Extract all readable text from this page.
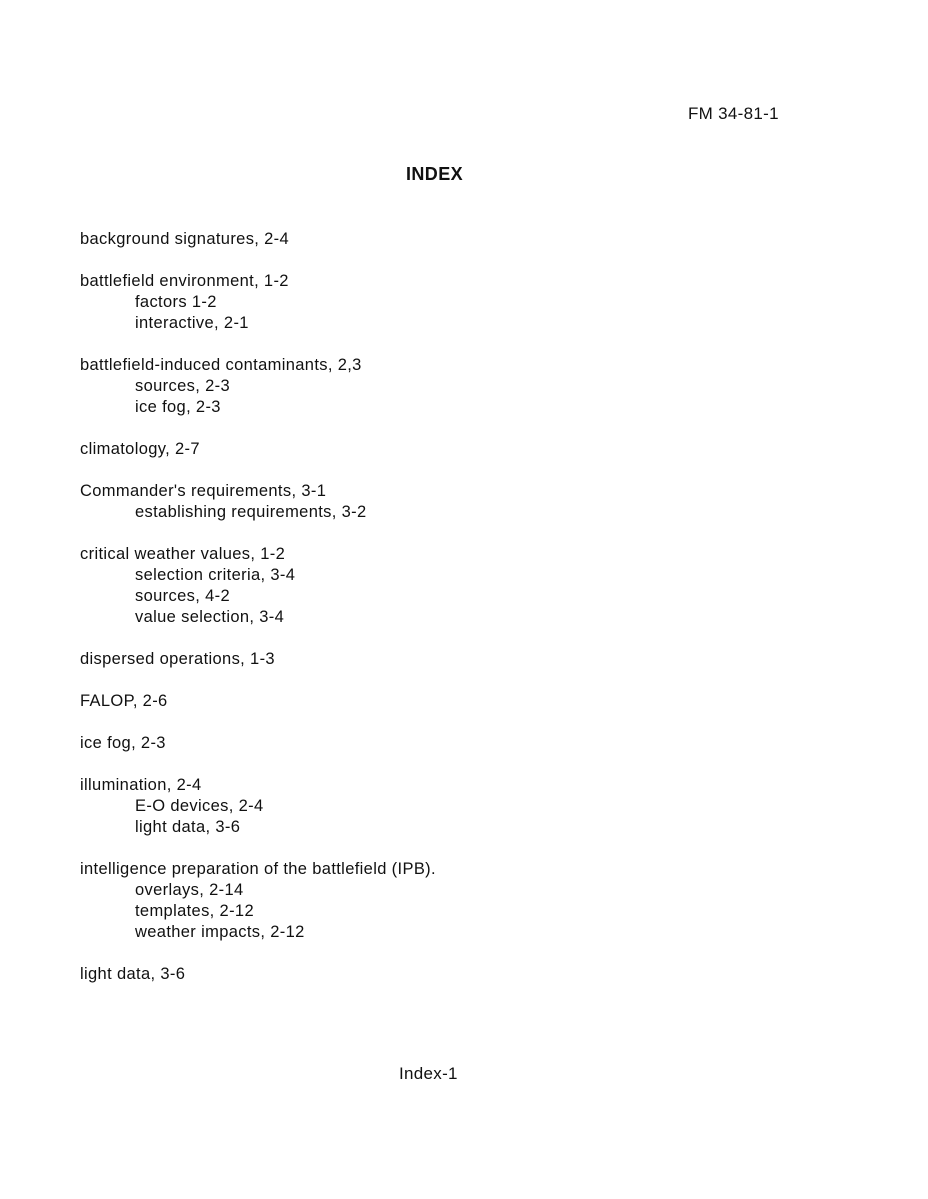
FM 34-81-1
INDEX
background signatures, 2-4
battlefield environment, 1-2
factors 1-2
interactive, 2-1
battlefield-induced contaminants, 2,3
sources, 2-3
ice fog, 2-3
climatology, 2-7
Commander's requirements, 3-1
establishing requirements, 3-2
critical weather values, 1-2
selection criteria, 3-4
sources, 4-2
value selection, 3-4
dispersed operations, 1-3
FALOP, 2-6
ice fog, 2-3
illumination, 2-4
E-O devices, 2-4
light data, 3-6
intelligence preparation of the battlefield (IPB).
overlays, 2-14
templates, 2-12
weather impacts, 2-12
light data, 3-6
Index-1
